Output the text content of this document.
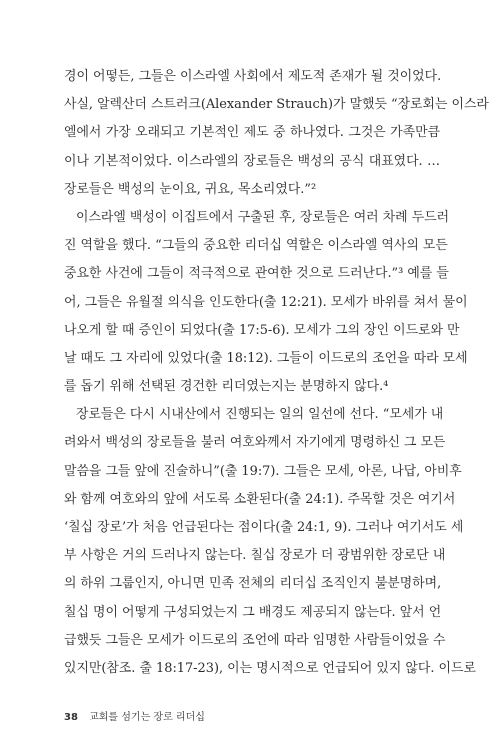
경이 어떻든, 그들은 이스라엘 사회에서 제도적 존재가 될 것이었다.
사실, 알렉산더 스트러크(Alexander Strauch)가 말했듯 “장로회는 이스라
엘에서 가장 오래되고 기본적인 제도 중 하나였다. 그것은 가족만큼
이나 기본적이었다. 이스라엘의 장로들은 백성의 공식 대표였다. …
장로들은 백성의 눈이요, 귀요, 목소리였다.”²
이스라엘 백성이 이집트에서 구출된 후, 장로들은 여러 차례 두드러
진 역할을 했다. “그들의 중요한 리더십 역할은 이스라엘 역사의 모든
중요한 사건에 그들이 적극적으로 관여한 것으로 드러난다.”³ 예를 들
어, 그들은 유월절 의식을 인도한다(출 12:21). 모세가 바위를 쳐서 물이
나오게 할 때 증인이 되었다(출 17:5-6). 모세가 그의 장인 이드로와 만
날 때도 그 자리에 있었다(출 18:12). 그들이 이드로의 조언을 따라 모세
를 돕기 위해 선택된 경건한 리더였는지는 분명하지 않다.⁴
장로들은 다시 시내산에서 진행되는 일의 일선에 선다. “모세가 내
려와서 백성의 장로들을 불러 여호와께서 자기에게 명령하신 그 모든
말씀을 그들 앞에 진술하니”(출 19:7). 그들은 모세, 아론, 나답, 아비후
와 함께 여호와의 앞에 서도록 소환된다(출 24:1). 주목할 것은 여기서
‘칠십 장로’가 처음 언급된다는 점이다(출 24:1, 9). 그러나 여기서도 세
부 사항은 거의 드러나지 않는다. 칠십 장로가 더 광범위한 장로단 내
의 하위 그룹인지, 아니면 민족 전체의 리더십 조직인지 불분명하며,
칠십 명이 어떻게 구성되었는지 그 배경도 제공되지 않는다. 앞서 언
급했듯 그들은 모세가 이드로의 조언에 따라 임명한 사람들이었을 수
있지만(참조. 출 18:17-23), 이는 명시적으로 언급되어 있지 않다. 이드로
38 교회를 섬기는 장로 리더십
